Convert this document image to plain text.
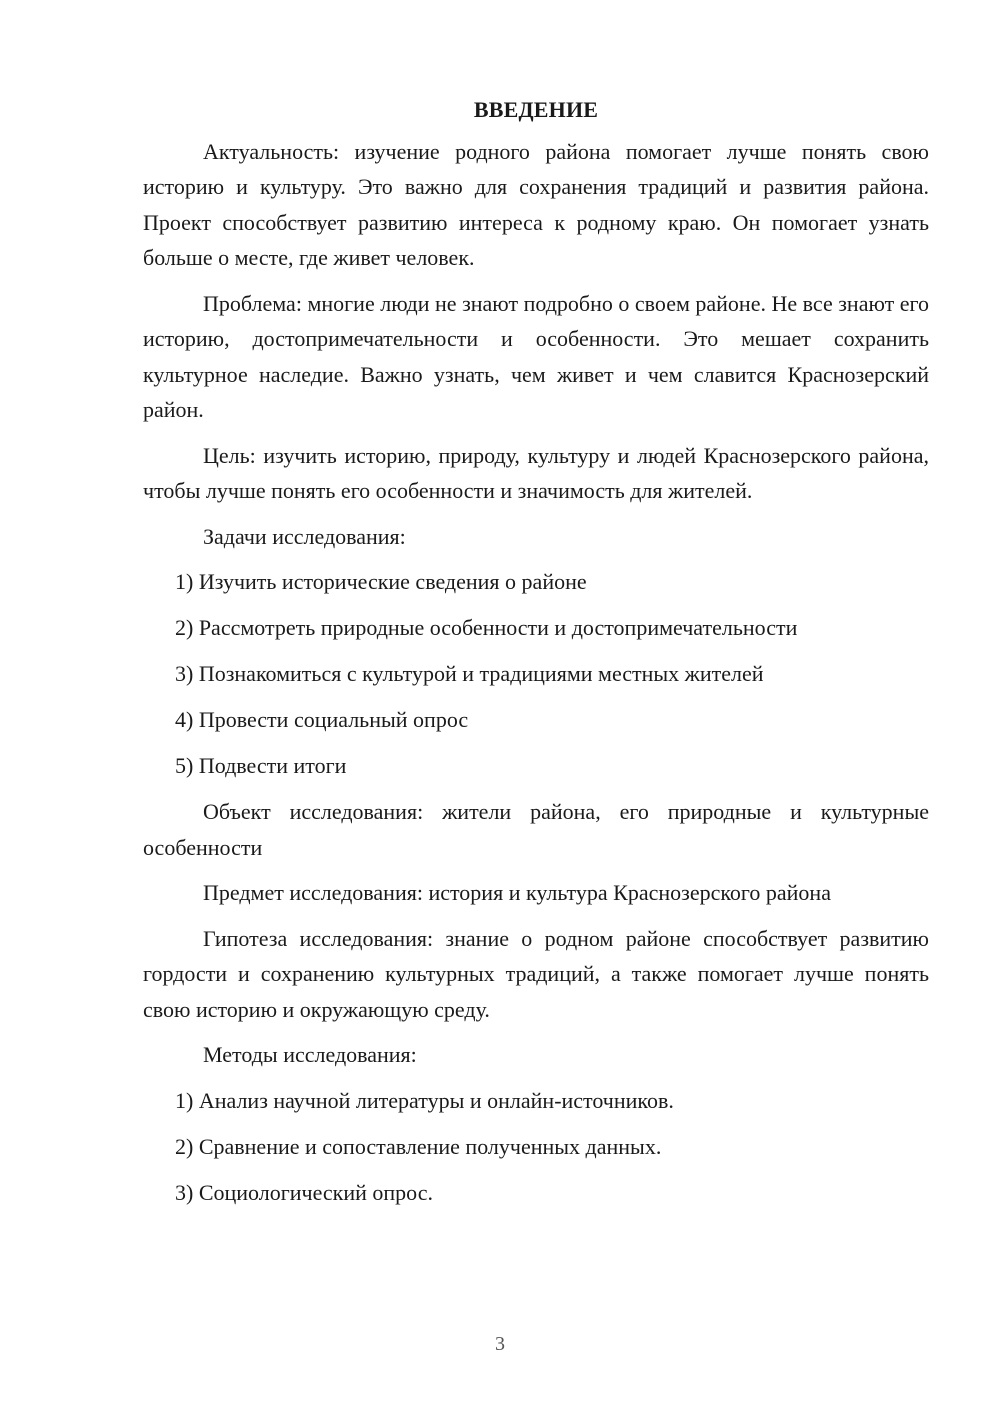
ВВЕДЕНИЕ

Актуальность: изучение родного района помогает лучше понять свою историю и культуру. Это важно для сохранения традиций и развития района. Проект способствует развитию интереса к родному краю. Он помогает узнать больше о месте, где живет человек.

Проблема: многие люди не знают подробно о своем районе. Не все знают его историю, достопримечательности и особенности. Это мешает сохранить культурное наследие. Важно узнать, чем живет и чем славится Краснозерский район.

Цель: изучить историю, природу, культуру и людей Краснозерского района, чтобы лучше понять его особенности и значимость для жителей.

Задачи исследования:

1) Изучить исторические сведения о районе

2) Рассмотреть природные особенности и достопримечательности

3) Познакомиться с культурой и традициями местных жителей

4) Провести социальный опрос

5) Подвести итоги

Объект исследования: жители района, его природные и культурные особенности

Предмет исследования: история и культура Краснозерского района

Гипотеза исследования: знание о родном районе способствует развитию гордости и сохранению культурных традиций, а также помогает лучше понять свою историю и окружающую среду.

Методы исследования:

1) Анализ научной литературы и онлайн-источников.

2) Сравнение и сопоставление полученных данных.

3) Социологический опрос.

3
